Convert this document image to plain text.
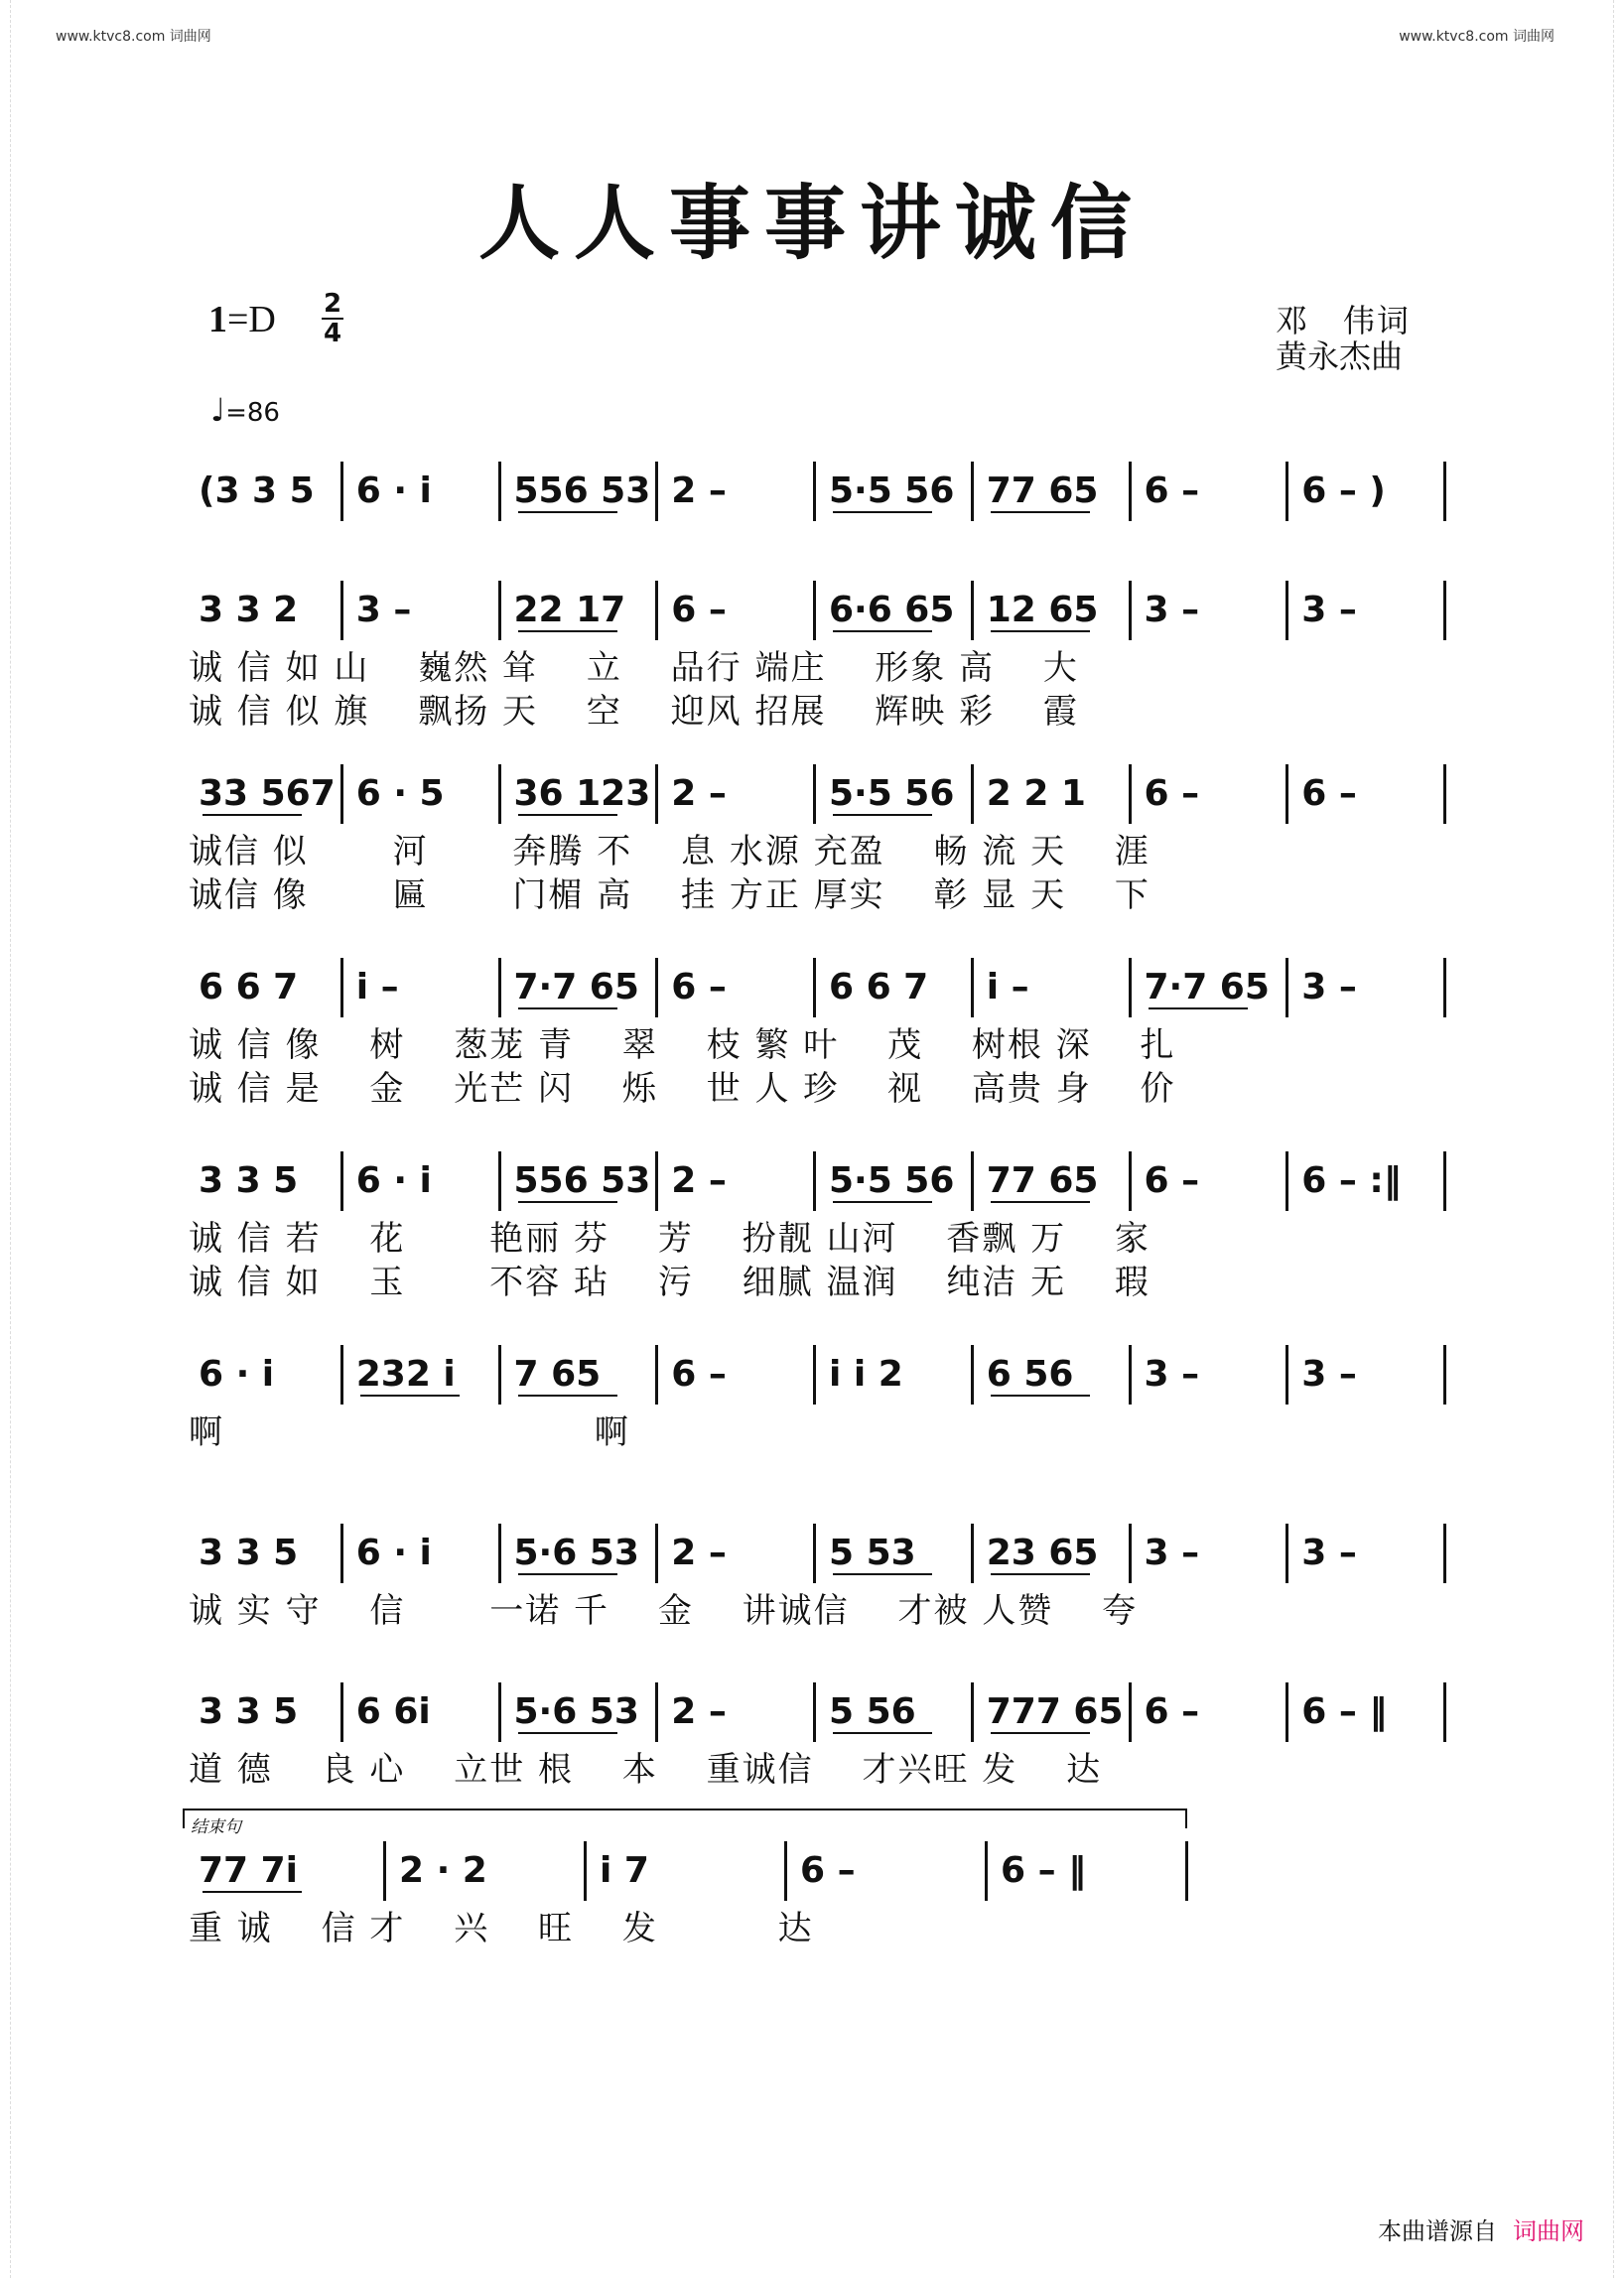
www.ktvc8.com 词曲网	www.ktvc8.com 词曲网
人人事事讲诚信
1=D 2
4
♩=86
邓　伟词
黄永杰曲
结束句
(3 3 5 6 · i 556 53 2 –	5·5 56 77 65 6 –	6 – )
3 3 2 3 –	22 17 6 –	6·6 65 12 65 3 –	3 –
诚 信 如 山　 巍然 耸　 立　 品行 端庄　 形象 高　 大
诚 信 似 旗　 飘扬 天　 空　 迎风 招展　 辉映 彩　 霞
33 567 6 · 5 36 123 2 –	5·5 56 2 2 1 6 –	6 –
诚信 似　　 河　　 奔腾 不　 息 水源 充盈　 畅 流 天　 涯
诚信 像　　 匾　　 门楣 高　 挂 方正 厚实　 彰 显 天　 下
6 6 7 i –	7·7 65 6 –	6 6 7 i –	7·7 65 3 –
诚 信 像　 树　 葱茏 青　 翠　 枝 繁 叶　 茂　 树根 深　 扎
诚 信 是　 金　 光芒 闪　 烁　 世 人 珍　 视　 高贵 身　 价
3 3 5 6 · i 556 53 2 –	5·5 56 77 65 6 –	6 – :‖
诚 信 若　 花　　 艳丽 芬　 芳　 扮靓 山河　 香飘 万　 家
诚 信 如　 玉　　 不容 玷　 污　 细腻 温润　 纯洁 无　 瑕
6 · i 232 i 7 65 6 –	i i 2 6 56 3 –	3 –
啊　　　　　　　　　　 啊
3 3 5 6 · i 5·6 53 2 –	5 53 23 65 3 –	3 –
诚 实 守　 信　　 一诺 千　 金　 讲诚信　 才被 人赞　 夸
3 3 5 6 6i 5·6 53 2 –	5 56 777 65 6 –	6 – ‖
道 德　 良 心　 立世 根　 本　 重诚信　 才兴旺 发　 达
77 7i	2 · 2	i 7	6 –	6 – ‖
重 诚　 信 才　 兴　 旺　 发　　　 达
本曲谱源自 词曲网
